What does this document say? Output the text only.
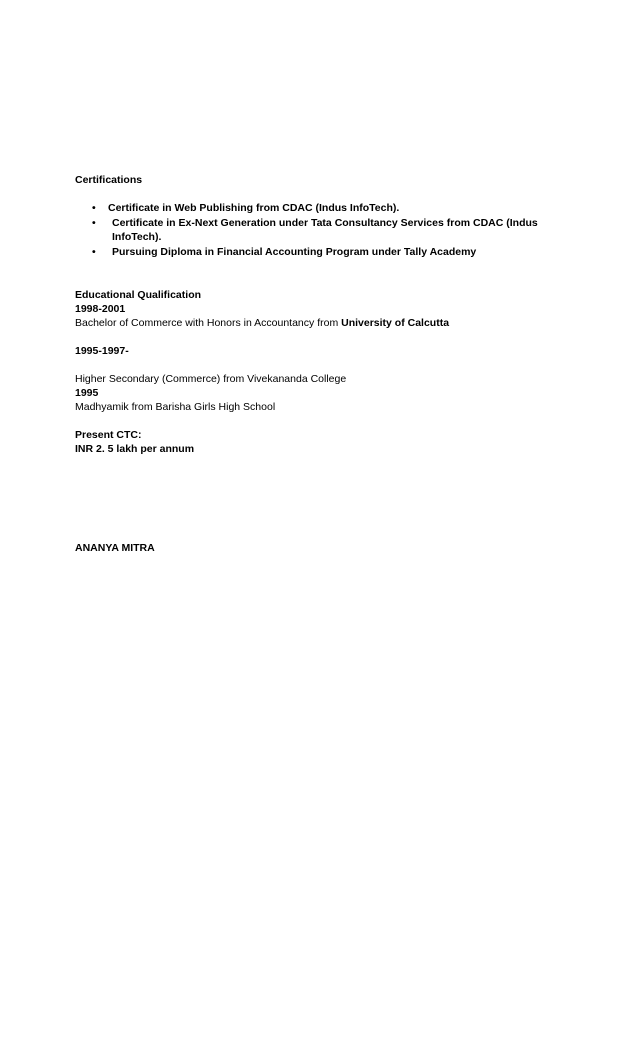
Certifications
• Certificate in Web Publishing from CDAC (Indus InfoTech).
• Certificate in Ex-Next Generation under Tata Consultancy Services from CDAC (Indus InfoTech).
• Pursuing Diploma in Financial Accounting Program under Tally Academy
Educational Qualification
1998-2001
Bachelor of Commerce with Honors in Accountancy from University of Calcutta
1995-1997-
Higher Secondary (Commerce) from Vivekananda College
1995
Madhyamik from Barisha Girls High School
Present CTC:
INR 2. 5 lakh per annum
ANANYA MITRA
